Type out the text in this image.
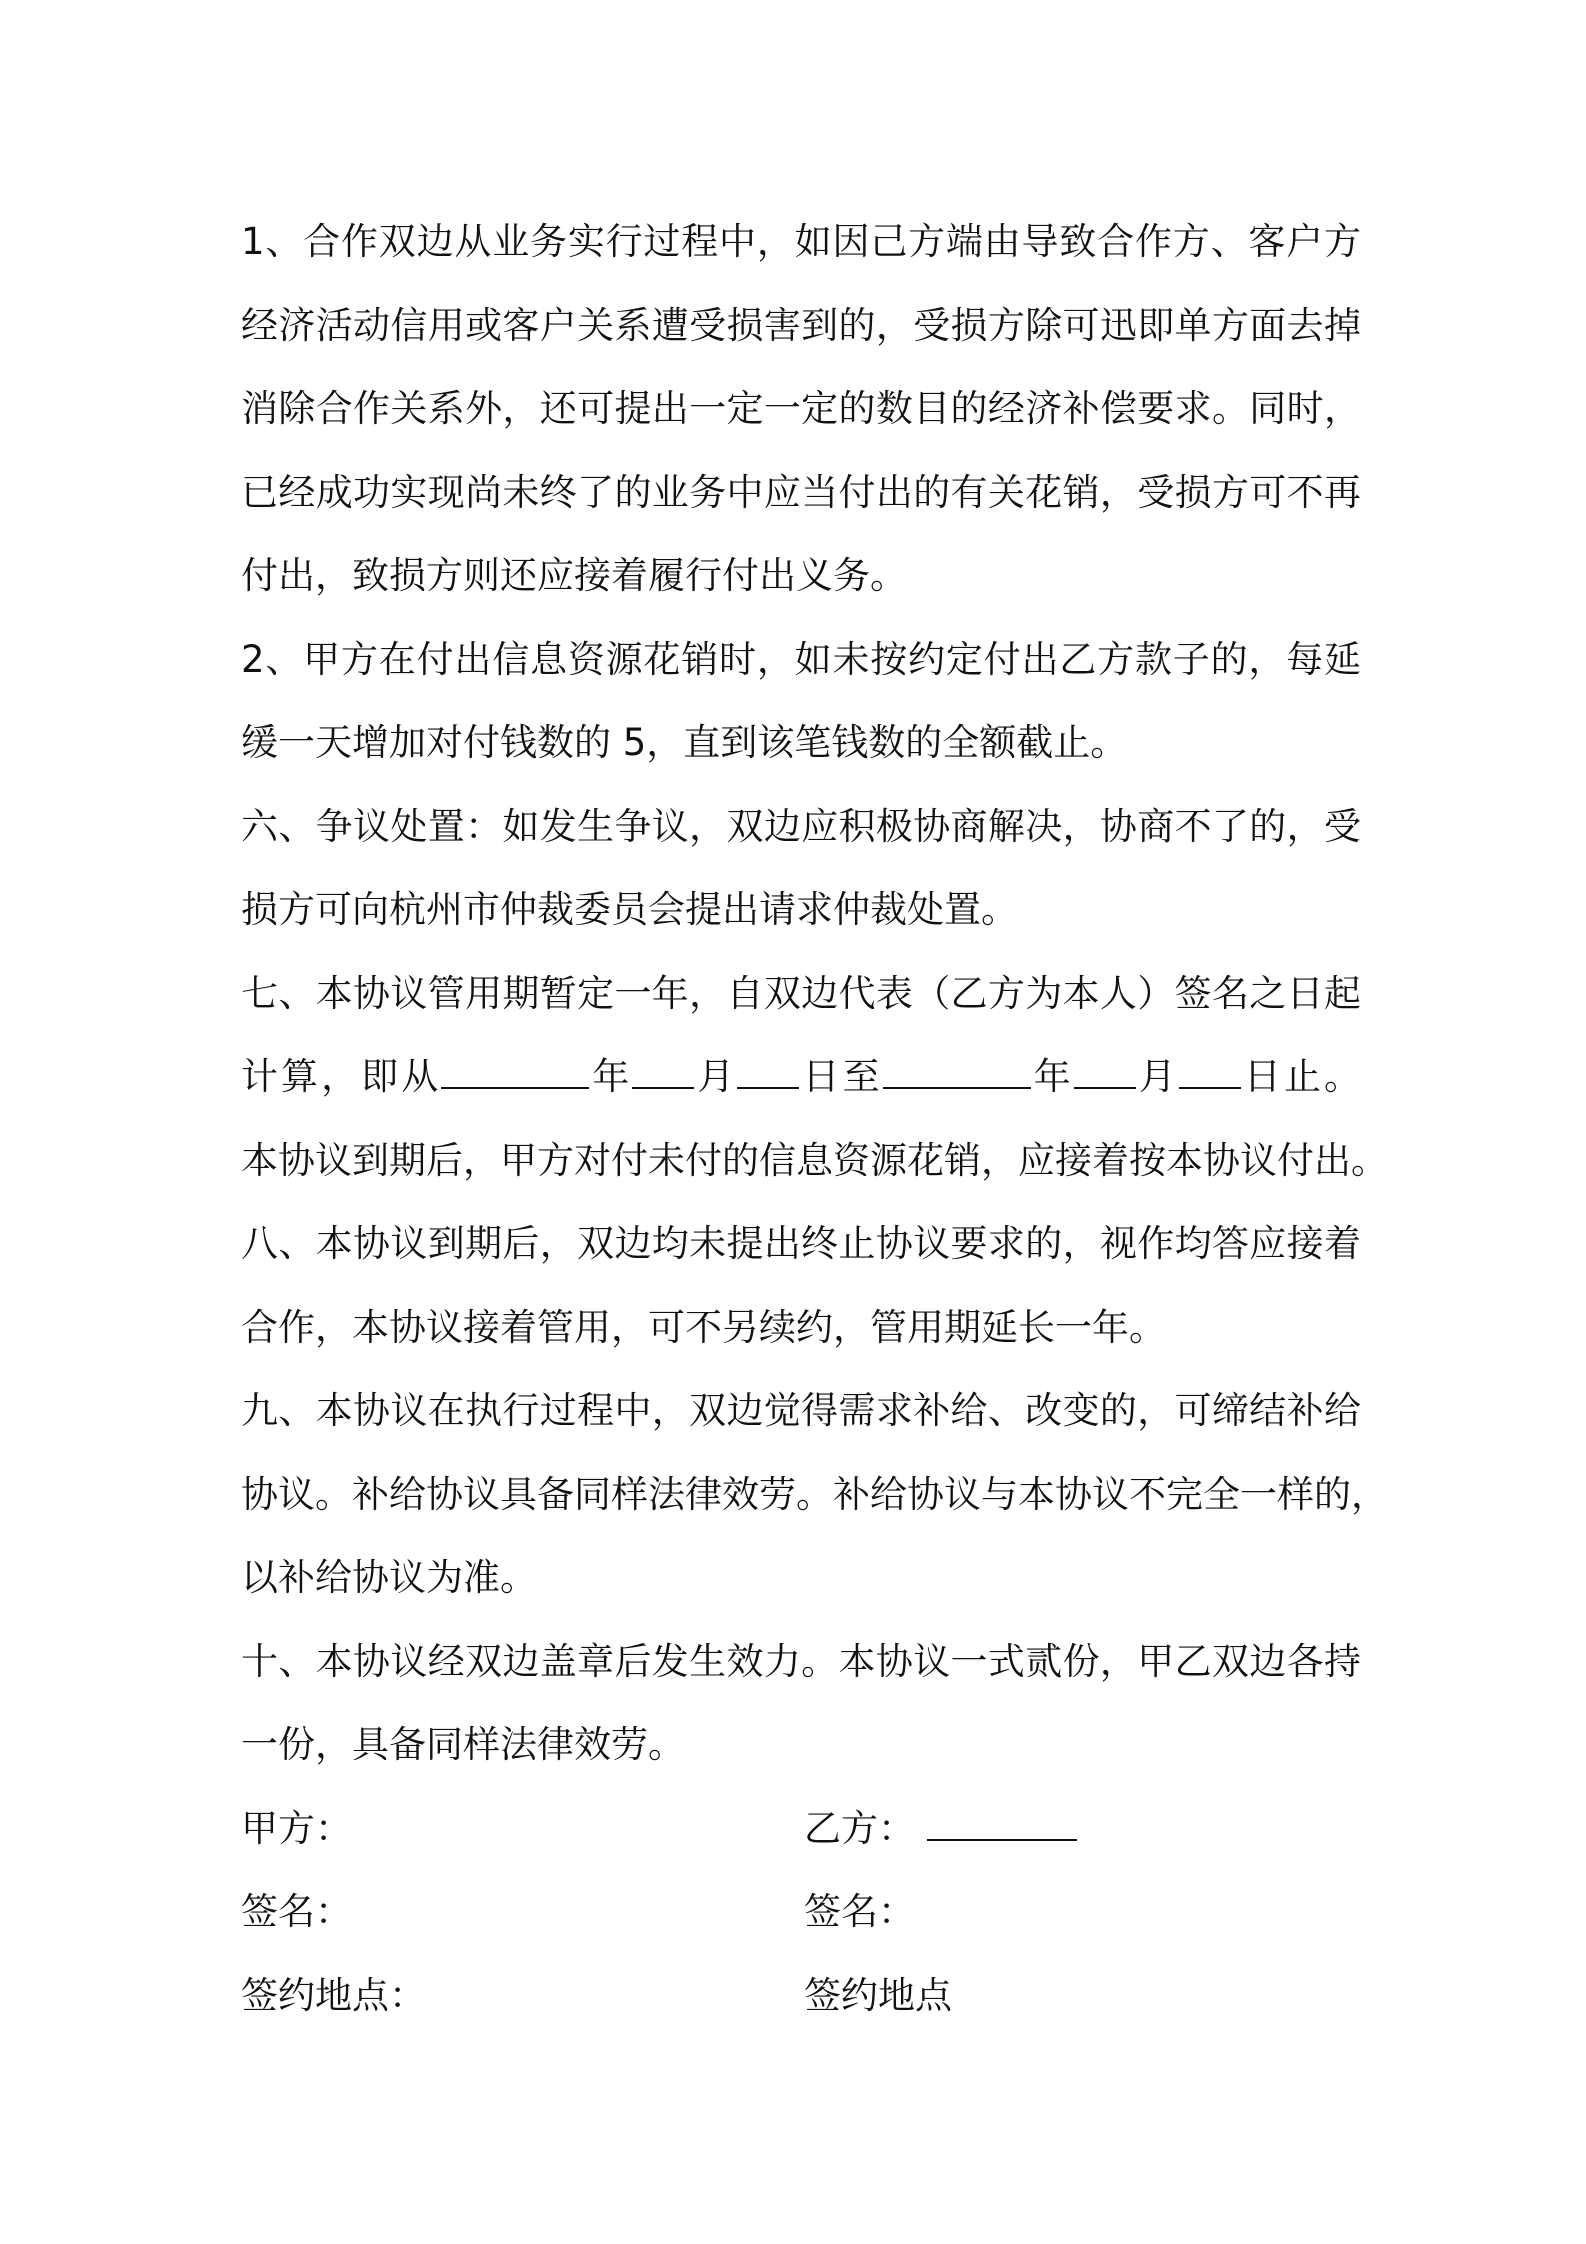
1、合作双边从业务实行过程中，如因己方端由导致合作方、客户方
经济活动信用或客户关系遭受损害到的，受损方除可迅即单方面去掉
消除合作关系外，还可提出一定一定的数目的经济补偿要求。同时，
已经成功实现尚未终了的业务中应当付出的有关花销，受损方可不再
付出，致损方则还应接着履行付出义务。
2、甲方在付出信息资源花销时，如未按约定付出乙方款子的，每延
缓一天增加对付钱数的 5，直到该笔钱数的全额截止。
六、争议处置：如发生争议，双边应积极协商解决，协商不了的，受
损方可向杭州市仲裁委员会提出请求仲裁处置。
七、本协议管用期暂定一年，自双边代表（乙方为本人）签名之日起
计算，即从	年 月 日至	年 月 日止。
本协议到期后，甲方对付未付的信息资源花销，应接着按本协议付出。
八、本协议到期后，双边均未提出终止协议要求的，视作均答应接着
合作，本协议接着管用，可不另续约，管用期延长一年。
九、本协议在执行过程中，双边觉得需求补给、改变的，可缔结补给
协议。补给协议具备同样法律效劳。补给协议与本协议不完全一样的，
以补给协议为准。
十、本协议经双边盖章后发生效力。本协议一式贰份，甲乙双边各持
一份，具备同样法律效劳。
甲方：	乙方：
签名：	签名：
签约地点：	签约地点
